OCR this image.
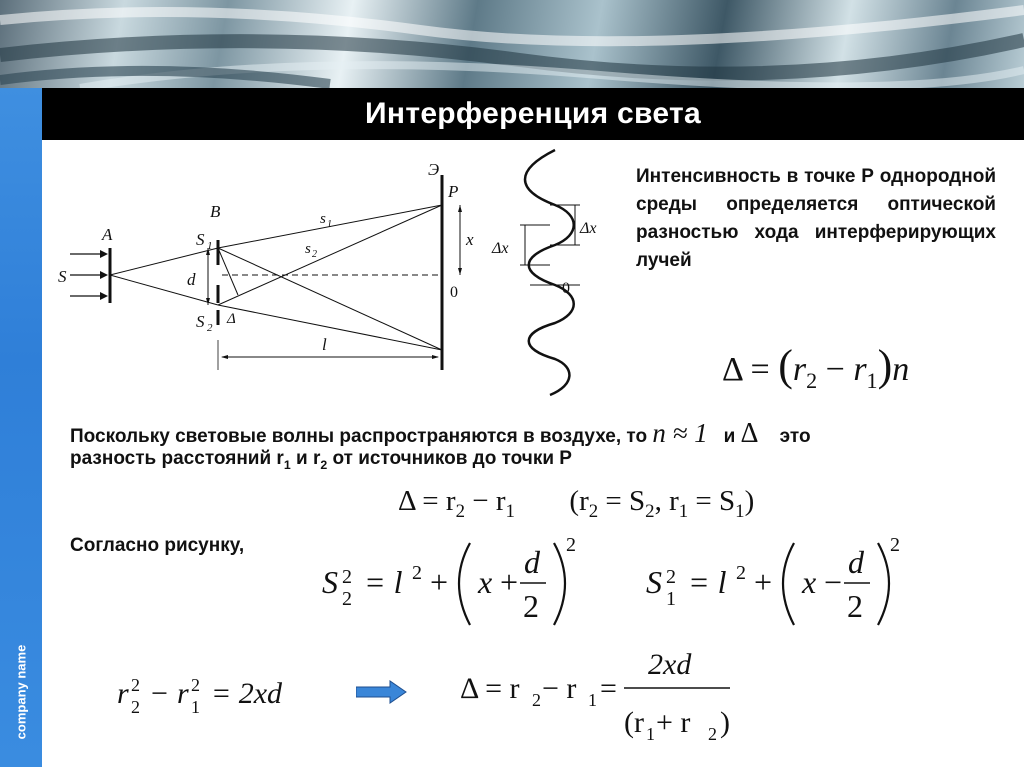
company name
Интерференция света
A
S
B
S 1
S 2
d
Δ
s 1
s 2
Э
P
x
0
l
Δx
Δx
0
Интенсивность в точке Р однородной среды определяется оптической разностью хода интерферирующих лучей
$\Delta = (r_2 - r_1)n$
Поскольку световые волны распространяются в воздухе, то n ≈ 1 и Δ это
разность расстояний $r_1$ и $r_2$ от источников до точки Р
$\Delta = r_2 - r_1$ ($r_2 = S_2$, $r_1 = S_1$)
Согласно рисунку,
S 2
2 = l 2 + x +
d
2
2
S 2
1 = l 2 + x −
d
2
2
r 2
2 − r 2
1 = 2xd	Δ = r 2 − r 1 =
2xd
(r 1 + r 2 )
